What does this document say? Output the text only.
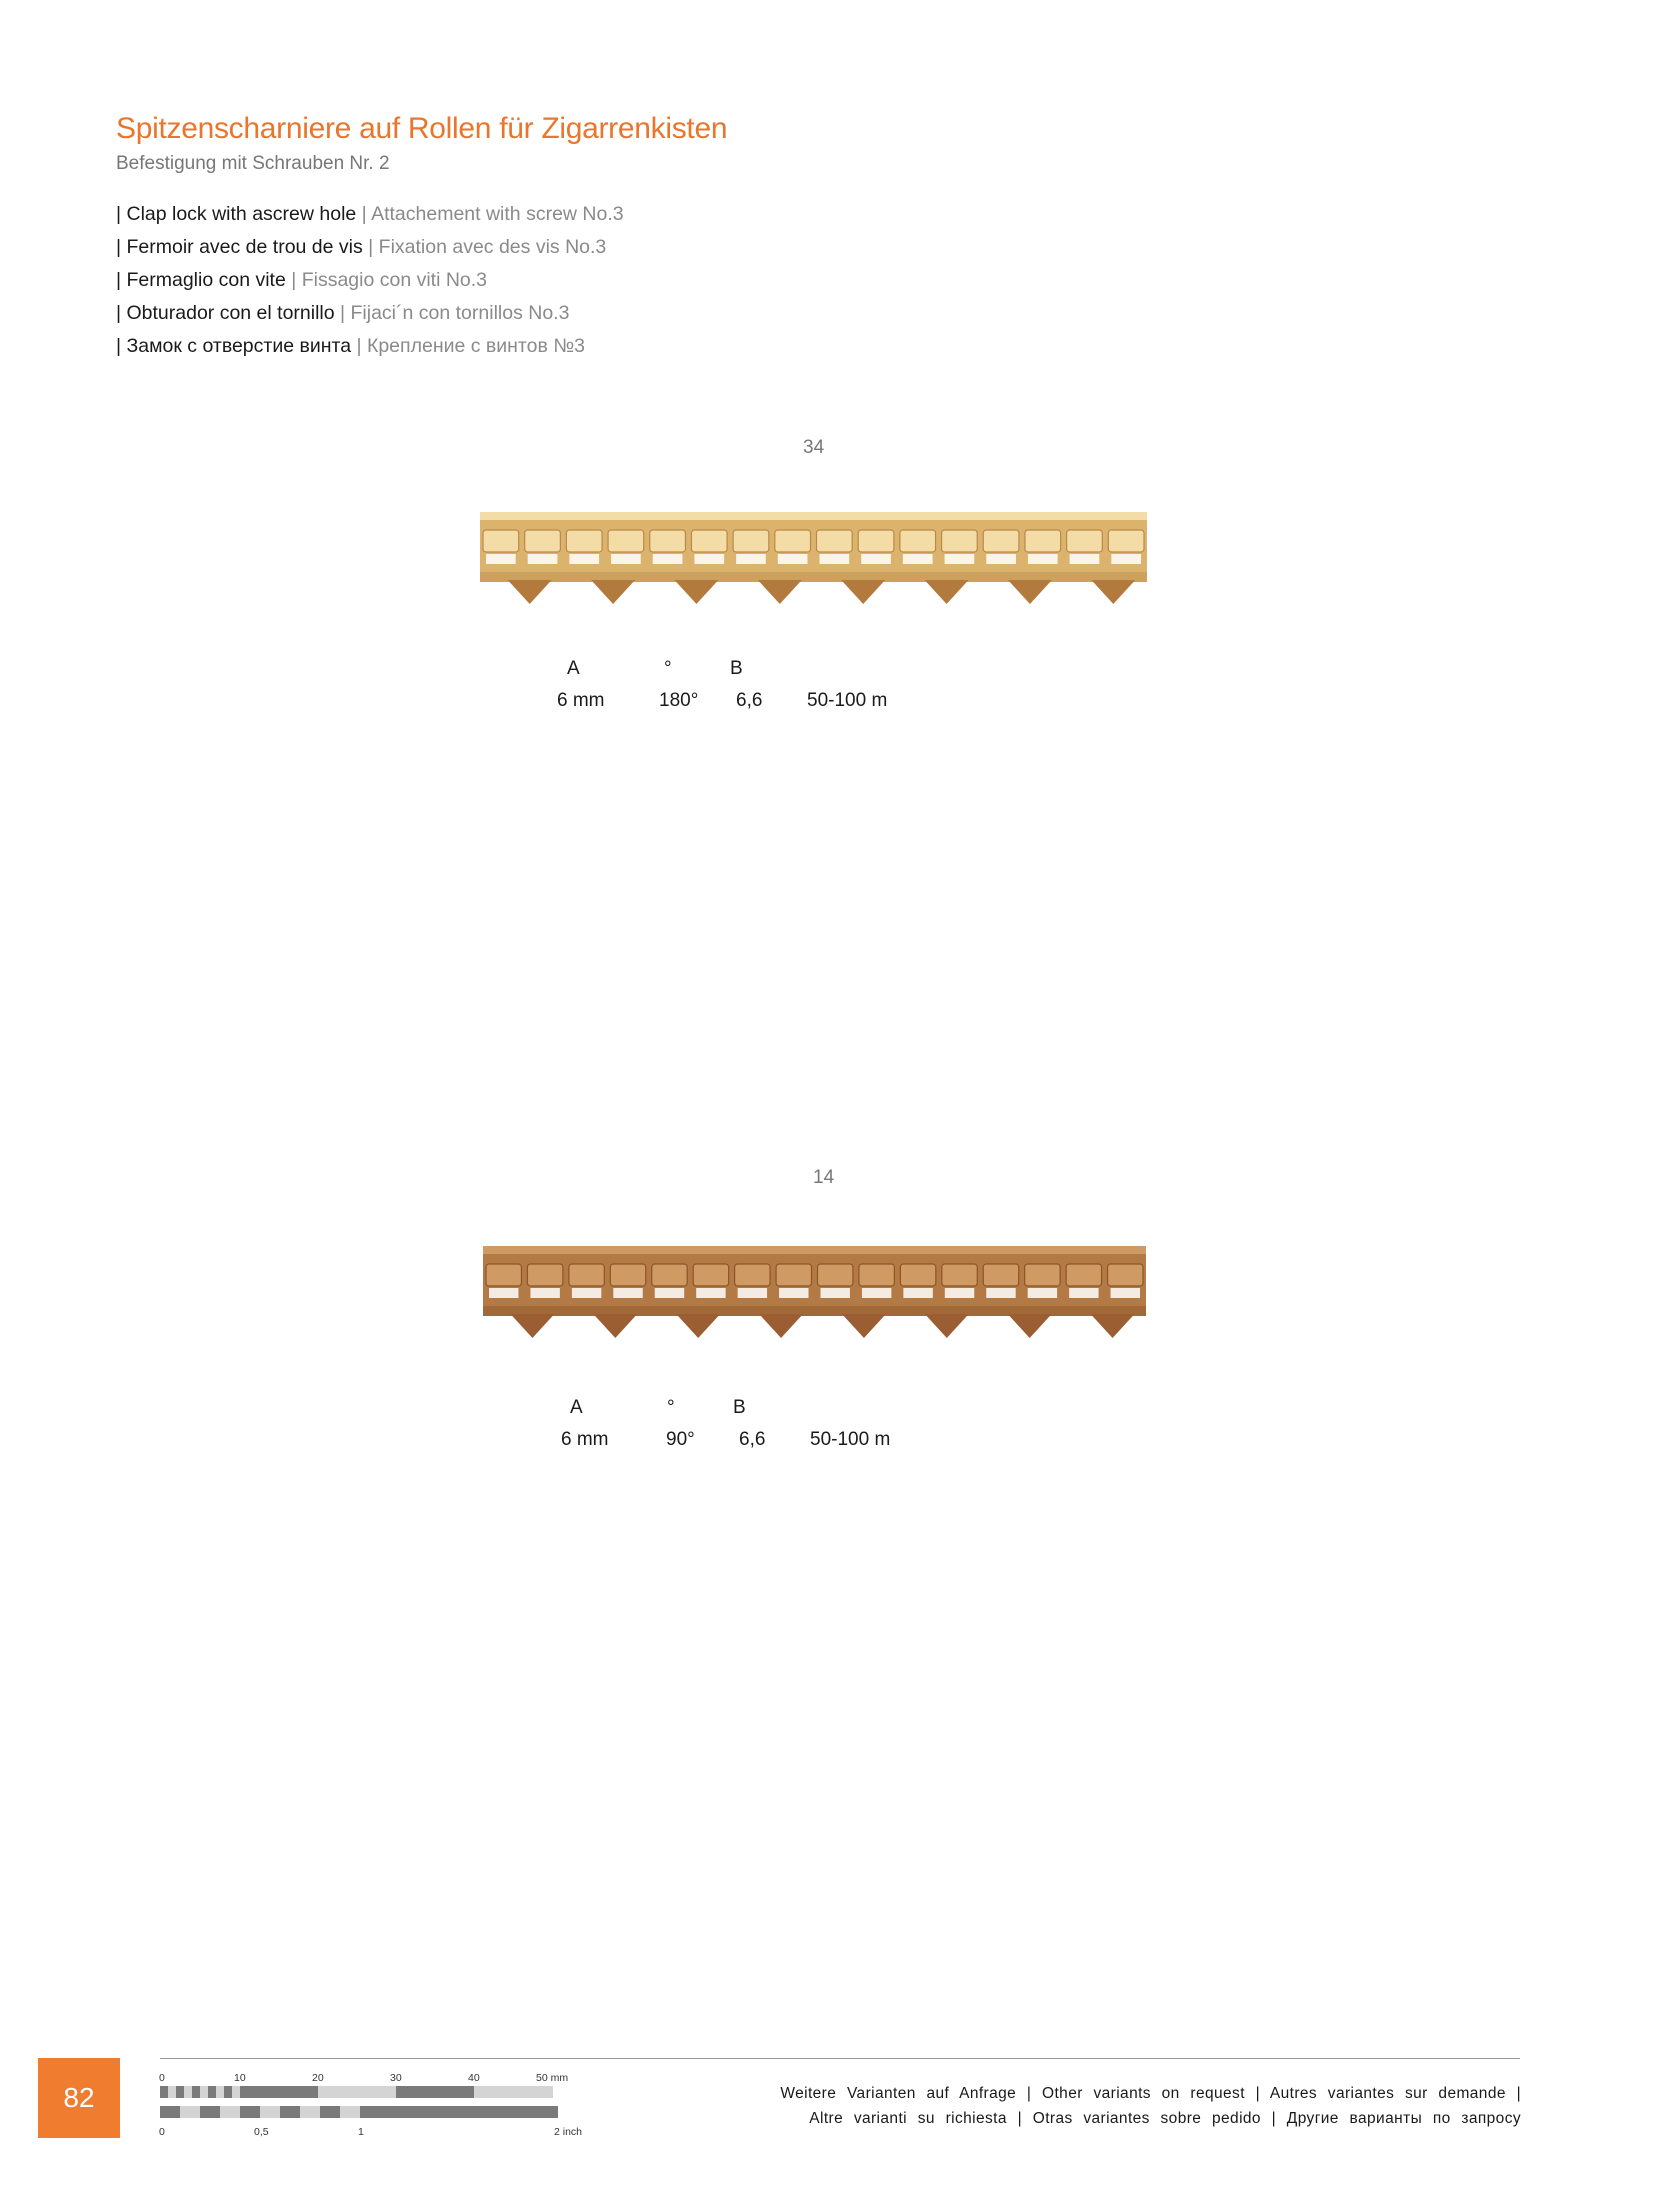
Spitzenscharniere auf Rollen für Zigarrenkisten
Befestigung mit Schrauben Nr. 2
| Clap lock with ascrew hole | Attachement with screw No.3
| Fermoir avec de trou de vis | Fixation avec des vis No.3
| Fermaglio con vite | Fissagio con viti No.3
| Obturador con el tornillo | Fijaci´n con tornillos No.3
| Замок с отверстие винта | Крепление с винтов №3
34
A	°	B
6 mm	180° 6,6 50-100 m
14
A	°	B
6 mm	90° 6,6 50-100 m
82
0	10	20	30	40	50 mm
0	0,5	1	2 inch
Weitere Varianten auf Anfrage | Other variants on request | Autres variantes sur demande |
Altre varianti su richiesta | Otras variantes sobre pedido | Другие варианты по запросу
